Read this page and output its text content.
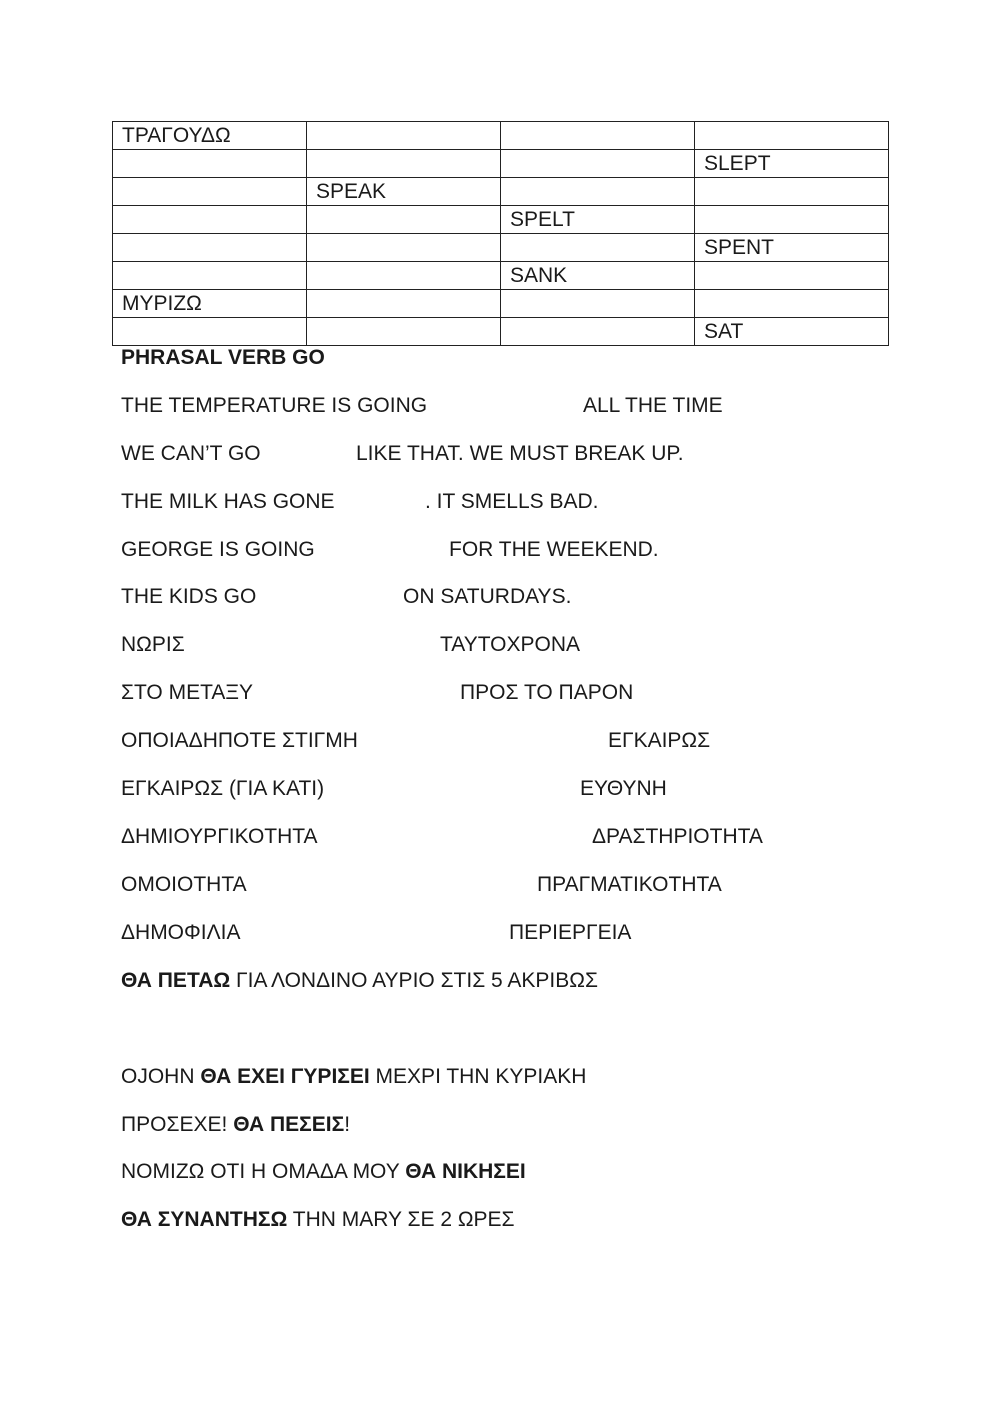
ΤΡΑΓΟΥΔΩ			
			SLEPT
	SPEAK		
		SPELT	
			SPENT
		SANK	
ΜΥΡΙΖΩ			
			SAT
PHRASAL VERB GO
THE TEMPERATURE IS GOING	ALL THE TIME
WE CAN’T GO	LIKE THAT. WE MUST BREAK UP.
THE MILK HAS GONE	. IT SMELLS BAD.
GEORGE IS GOING	FOR THE WEEKEND.
THE KIDS GO	ON SATURDAYS.
ΝΩΡΙΣ	ΤΑΥΤΟΧΡΟΝΑ
ΣΤΟ ΜΕΤΑΞΥ	ΠΡΟΣ ΤΟ ΠΑΡΟΝ
ΟΠΟΙΑΔΗΠΟΤΕ ΣΤΙΓΜΗ	ΕΓΚΑΙΡΩΣ
ΕΓΚΑΙΡΩΣ (ΓΙΑ ΚΑΤΙ)	ΕΥΘΥΝΗ
ΔΗΜΙΟΥΡΓΙΚΟΤΗΤΑ	ΔΡΑΣΤΗΡΙΟΤΗΤΑ
ΟΜΟΙΟΤΗΤΑ	ΠΡΑΓΜΑΤΙΚΟΤΗΤΑ
ΔΗΜΟΦΙΛΙΑ	ΠΕΡΙΕΡΓΕΙΑ
ΘΑ ΠΕΤΑΩ ΓΙΑ ΛΟΝΔΙΝΟ ΑΥΡΙΟ ΣΤΙΣ 5 ΑΚΡΙΒΩΣ
ΟJOHN ΘΑ ΕΧΕΙ ΓΥΡΙΣΕΙ ΜΕΧΡΙ ΤΗΝ ΚΥΡΙΑΚΗ
ΠΡΟΣΕΧΕ! ΘΑ ΠΕΣΕΙΣ!
ΝΟΜΙΖΩ ΟΤΙ Η ΟΜΑΔΑ ΜΟΥ ΘΑ ΝΙΚΗΣΕΙ
ΘΑ ΣΥΝΑΝΤΗΣΩ ΤΗΝ MARY ΣΕ 2 ΩΡΕΣ
